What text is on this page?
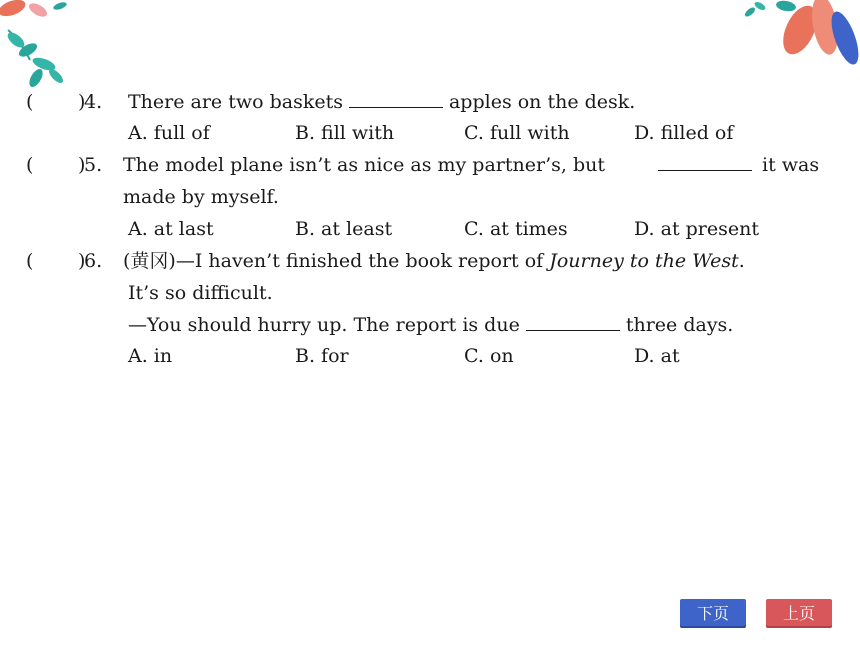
( )
4. There are two baskets	apples on the desk.
A. full of	B. fill with	C. full with	D. filled of
( )
5. The model plane isn’t as nice as my partner’s, but	it was
made by myself.
A. at last	B. at least	C. at times	D. at present
( )
6. (黄冈)—I haven’t finished the book report of Journey to the West.
It’s so difficult.
—You should hurry up. The report is due	three days.
A. in	B. for	C. on	D. at
下页	上页
